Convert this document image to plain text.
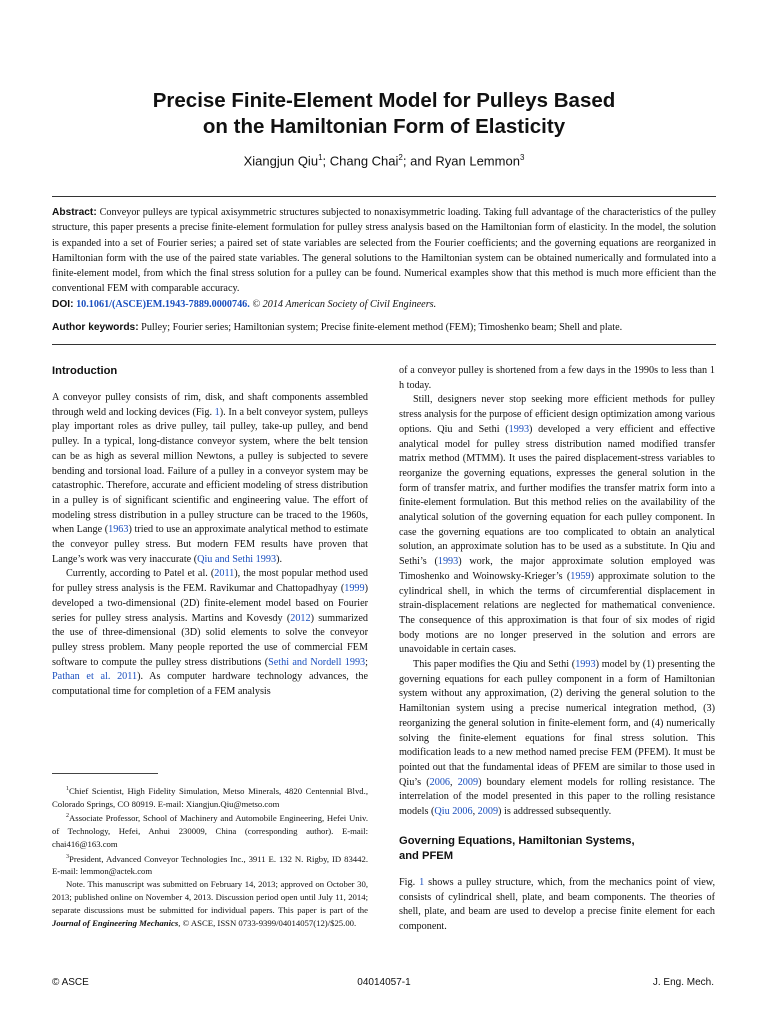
Precise Finite-Element Model for Pulleys Based
on the Hamiltonian Form of Elasticity
Xiangjun Qiu$^1$; Chang Chai$^2$; and Ryan Lemmon$^3$
Abstract: Conveyor pulleys are typical axisymmetric structures subjected to nonaxisymmetric loading. Taking full advantage of the characteristics of the pulley structure, this paper presents a precise finite-element formulation for pulley stress analysis based on the Hamiltonian form of elasticity. In the model, the solution is expanded into a set of Fourier series; a paired set of state variables are selected from the Fourier coefficients; and the governing equations are reorganized in Hamiltonian form with the use of the paired state variables. The general solutions to the Hamiltonian system can be obtained numerically and formulated into a finite-element model, from which the final stress solution for a pulley can be found. Numerical examples show that this method is much more efficient than the conventional FEM with comparable accuracy.
DOI: 10.1061/(ASCE)EM.1943-7889.0000746. © 2014 American Society of Civil Engineers.
Author keywords: Pulley; Fourier series; Hamiltonian system; Precise finite-element method (FEM); Timoshenko beam; Shell and plate.

Introduction

A conveyor pulley consists of rim, disk, and shaft components assembled through weld and locking devices (Fig. 1). In a belt conveyor system, pulleys play important roles as drive pulley, tail pulley, take-up pulley, and bend pulley. In a typical, long-distance conveyor system, where the belt tension can be as high as several million Newtons, a pulley is subjected to severe bending and torsional load. Failure of a pulley in a conveyor system may be catastrophic. Therefore, accurate and efficient modeling of stress distribution in a pulley is of significant scientific and engineering value. The effort of modeling stress distribution in a pulley structure can be traced to the 1960s, when Lange (1963) tried to use an approximate analytical method to estimate the conveyor pulley stress. But modern FEM results have proven that Lange’s work was very inaccurate (Qiu and Sethi 1993).

Currently, according to Patel et al. (2011), the most popular method used for pulley stress analysis is the FEM. Ravikumar and Chattopadhyay (1999) developed a two-dimensional (2D) finite-element model based on Fourier series for pulley stress analysis. Martins and Kovesdy (2012) summarized the use of three-dimensional (3D) solid elements to solve the conveyor pulley stress problem. Many people reported the use of commercial FEM software to compute the pulley stress distributions (Sethi and Nordell 1993; Pathan et al. 2011). As computer hardware technology advances, the computational time for completion of a FEM analysis

$^1$Chief Scientist, High Fidelity Simulation, Metso Minerals, 4820 Centennial Blvd., Colorado Springs, CO 80919. E-mail: Xiangjun.Qiu@metso.com

$^2$Associate Professor, School of Machinery and Automobile Engineering, Hefei Univ. of Technology, Hefei, Anhui 230009, China (corresponding author). E-mail: chai416@163.com

$^3$President, Advanced Conveyor Technologies Inc., 3911 E. 132 N. Rigby, ID 83442. E-mail: lemmon@actek.com

Note. This manuscript was submitted on February 14, 2013; approved on October 30, 2013; published online on November 4, 2013. Discussion period open until July 11, 2014; separate discussions must be submitted for individual papers. This paper is part of the Journal of Engineering Mechanics, © ASCE, ISSN 0733-9399/04014057(12)/$25.00.

of a conveyor pulley is shortened from a few days in the 1990s to less than 1 h today.

Still, designers never stop seeking more efficient methods for pulley stress analysis for the purpose of efficient design optimization among various options. Qiu and Sethi (1993) developed a very efficient and effective analytical model for pulley stress distribution named modified transfer matrix method (MTMM). It uses the paired displacement-stress variables to reorganize the governing equations, expresses the general solution in the form of transfer matrix, and further modifies the transfer matrix form into a finite-element formulation. But this method relies on the availability of the analytical solution of the governing equation for each pulley component. In case the governing equations are too complicated to obtain an analytical solution, an approximate solution has to be used as a substitute. In Qiu and Sethi’s (1993) work, the major approximate solution employed was Timoshenko and Woinowsky-Krieger’s (1959) approximate solution to the cylindrical shell, in which the terms of circumferential displacement in strain-displacement relations are neglected for mathematical convenience. The consequence of this approximation is that four of six modes of rigid body motions are no longer preserved in the solution and errors are unavoidable in certain cases.

This paper modifies the Qiu and Sethi (1993) model by (1) presenting the governing equations for each pulley component in a form of Hamiltonian system without any approximation, (2) deriving the general solution to the Hamiltonian system using a precise numerical integration method, (3) reorganizing the general solution in finite-element form, and (4) numerically solving the finite-element equations for final stress solution. This modification leads to a new method named precise FEM (PFEM). It must be pointed out that the fundamental ideas of PFEM are similar to those used in Qiu’s (2006, 2009) boundary element models for rolling resistance. The interrelation of the model presented in this paper to the rolling resistance models (Qiu 2006, 2009) is addressed subsequently.

Governing Equations, Hamiltonian Systems,
and PFEM

Fig. 1 shows a pulley structure, which, from the mechanics point of view, consists of cylindrical shell, plate, and beam components. The theories of shell, plate, and beam are used to develop a precise finite element for each component.

© ASCE	04014057-1	J. Eng. Mech.
